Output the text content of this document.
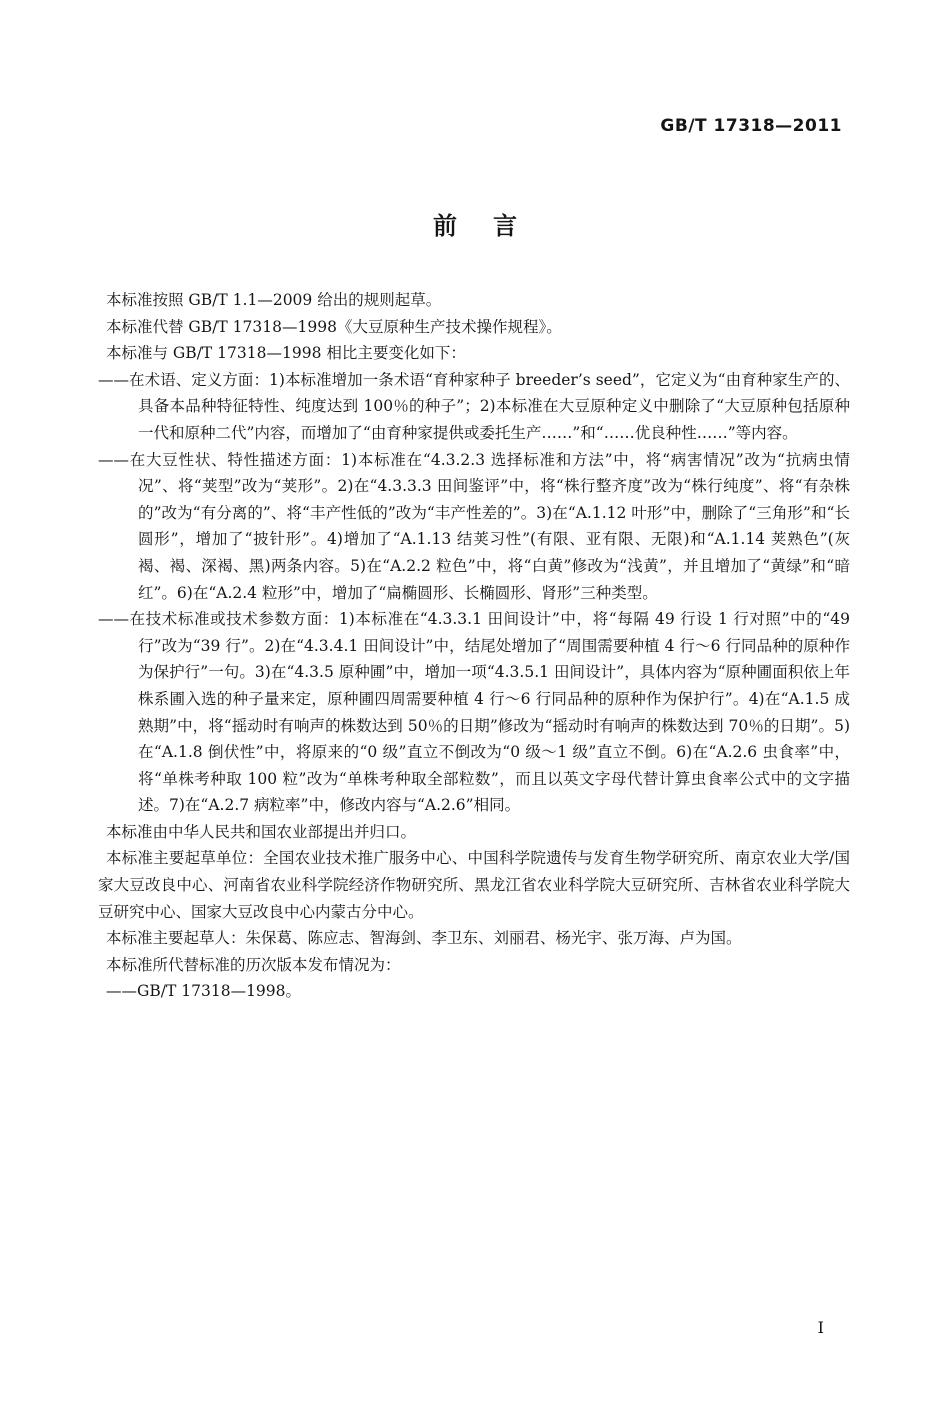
GB/T 17318—2011
前言

本标准按照 GB/T 1.1—2009 给出的规则起草。

本标准代替 GB/T 17318—1998《大豆原种生产技术操作规程》。

本标准与 GB/T 17318—1998 相比主要变化如下：

——在术语、定义方面：1)本标准增加一条术语“育种家种子 breeder’s seed”，它定义为“由育种家生产的、具备本品种特征特性、纯度达到 100％的种子”；2)本标准在大豆原种定义中删除了“大豆原种包括原种一代和原种二代”内容，而增加了“由育种家提供或委托生产……”和“……优良种性……”等内容。

——在大豆性状、特性描述方面：1)本标准在“4.3.2.3 选择标准和方法”中，将“病害情况”改为“抗病虫情况”、将“荚型”改为“荚形”。2)在“4.3.3.3 田间鉴评”中，将“株行整齐度”改为“株行纯度”、将“有杂株的”改为“有分离的”、将“丰产性低的”改为“丰产性差的”。3)在“A.1.12 叶形”中，删除了“三角形”和“长圆形”，增加了“披针形”。4)增加了“A.1.13 结荚习性”(有限、亚有限、无限)和“A.1.14 荚熟色”(灰褐、褐、深褐、黑)两条内容。5)在“A.2.2 粒色”中，将“白黄”修改为“浅黄”，并且增加了“黄绿”和“暗红”。6)在“A.2.4 粒形”中，增加了“扁椭圆形、长椭圆形、肾形”三种类型。

——在技术标准或技术参数方面：1)本标准在“4.3.3.1 田间设计”中，将“每隔 49 行设 1 行对照”中的“49 行”改为“39 行”。2)在“4.3.4.1 田间设计”中，结尾处增加了“周围需要种植 4 行～6 行同品种的原种作为保护行”一句。3)在“4.3.5 原种圃”中，增加一项“4.3.5.1 田间设计”，具体内容为“原种圃面积依上年株系圃入选的种子量来定，原种圃四周需要种植 4 行～6 行同品种的原种作为保护行”。4)在“A.1.5 成熟期”中，将“摇动时有响声的株数达到 50％的日期”修改为“摇动时有响声的株数达到 70％的日期”。5)在“A.1.8 倒伏性”中，将原来的“0 级”直立不倒改为“0 级～1 级”直立不倒。6)在“A.2.6 虫食率”中，将“单株考种取 100 粒”改为“单株考种取全部粒数”，而且以英文字母代替计算虫食率公式中的文字描述。7)在“A.2.7 病粒率”中，修改内容与“A.2.6”相同。

本标准由中华人民共和国农业部提出并归口。

本标准主要起草单位：全国农业技术推广服务中心、中国科学院遗传与发育生物学研究所、南京农业大学/国家大豆改良中心、河南省农业科学院经济作物研究所、黑龙江省农业科学院大豆研究所、吉林省农业科学院大豆研究中心、国家大豆改良中心内蒙古分中心。

本标准主要起草人：朱保葛、陈应志、智海剑、李卫东、刘丽君、杨光宇、张万海、卢为国。

本标准所代替标准的历次版本发布情况为：

——GB/T 17318—1998。

I
